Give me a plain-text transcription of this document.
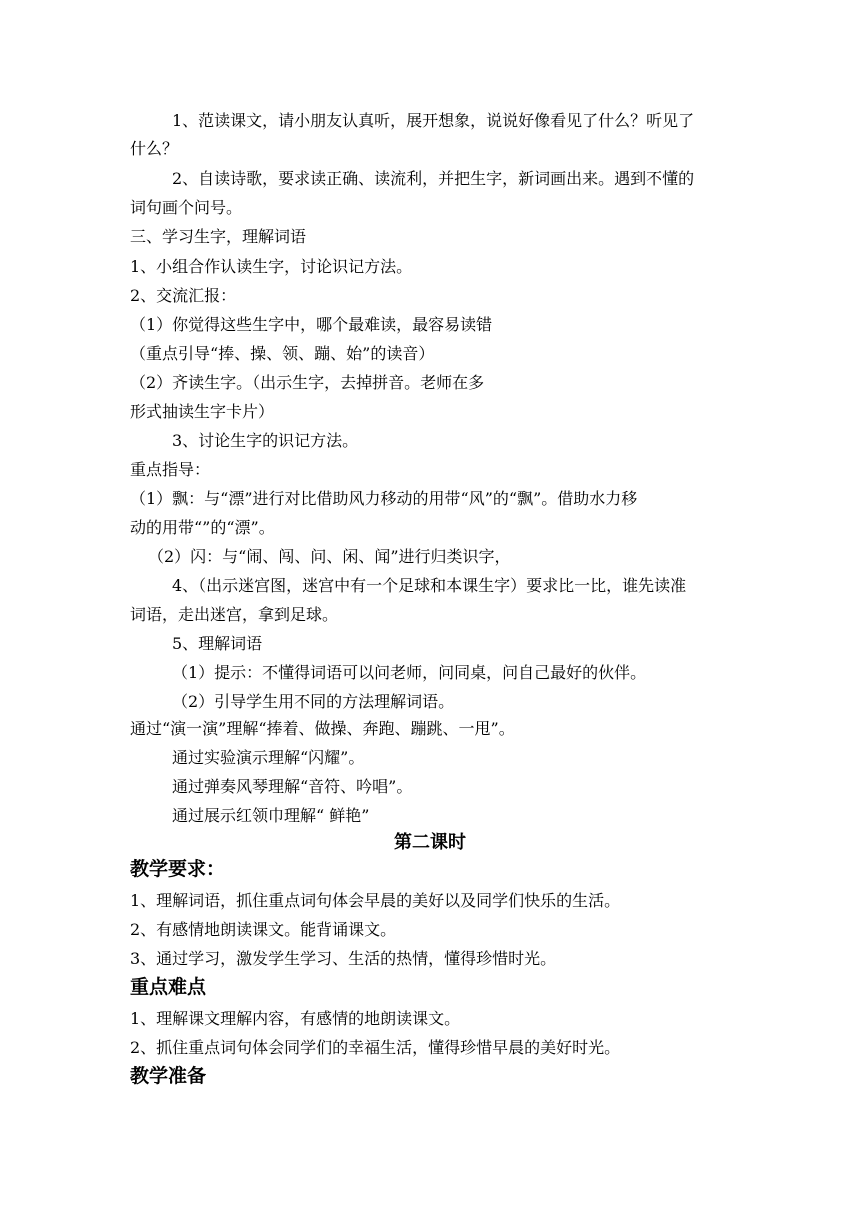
1、范读课文，请小朋友认真听，展开想象，说说好像看见了什么？听见了
什么？
2、自读诗歌，要求读正确、读流利，并把生字，新词画出来。遇到不懂的
词句画个问号。
三、学习生字，理解词语
1、小组合作认读生字，讨论识记方法。
2、交流汇报：
（1）你觉得这些生字中，哪个最难读，最容易读错
（重点引导“捧、操、领、蹦、始”的读音）
（2）齐读生字。（出示生字，去掉拼音。老师在多
形式抽读生字卡片）
3、讨论生字的识记方法。
重点指导：
（1）飘：与“漂”进行对比借助风力移动的用带“风”的“飘”。借助水力移
动的用带“”的“漂”。
（2）闪：与“闹、闯、问、闲、闻”进行归类识字，
4、（出示迷宫图，迷宫中有一个足球和本课生字）要求比一比，谁先读准
词语，走出迷宫，拿到足球。
5、理解词语
（1）提示：不懂得词语可以问老师，问同桌，问自己最好的伙伴。
（2）引导学生用不同的方法理解词语。
通过“演一演”理解“捧着、做操、奔跑、蹦跳、一甩”。
通过实验演示理解“闪耀”。
通过弹奏风琴理解“音符、吟唱”。
通过展示红领巾理解“ 鲜艳”
第二课时
教学要求：
1、理解词语，抓住重点词句体会早晨的美好以及同学们快乐的生活。
2、有感情地朗读课文。能背诵课文。
3、通过学习，激发学生学习、生活的热情，懂得珍惜时光。
重点难点
1、理解课文理解内容，有感情的地朗读课文。
2、抓住重点词句体会同学们的幸福生活，懂得珍惜早晨的美好时光。
教学准备
